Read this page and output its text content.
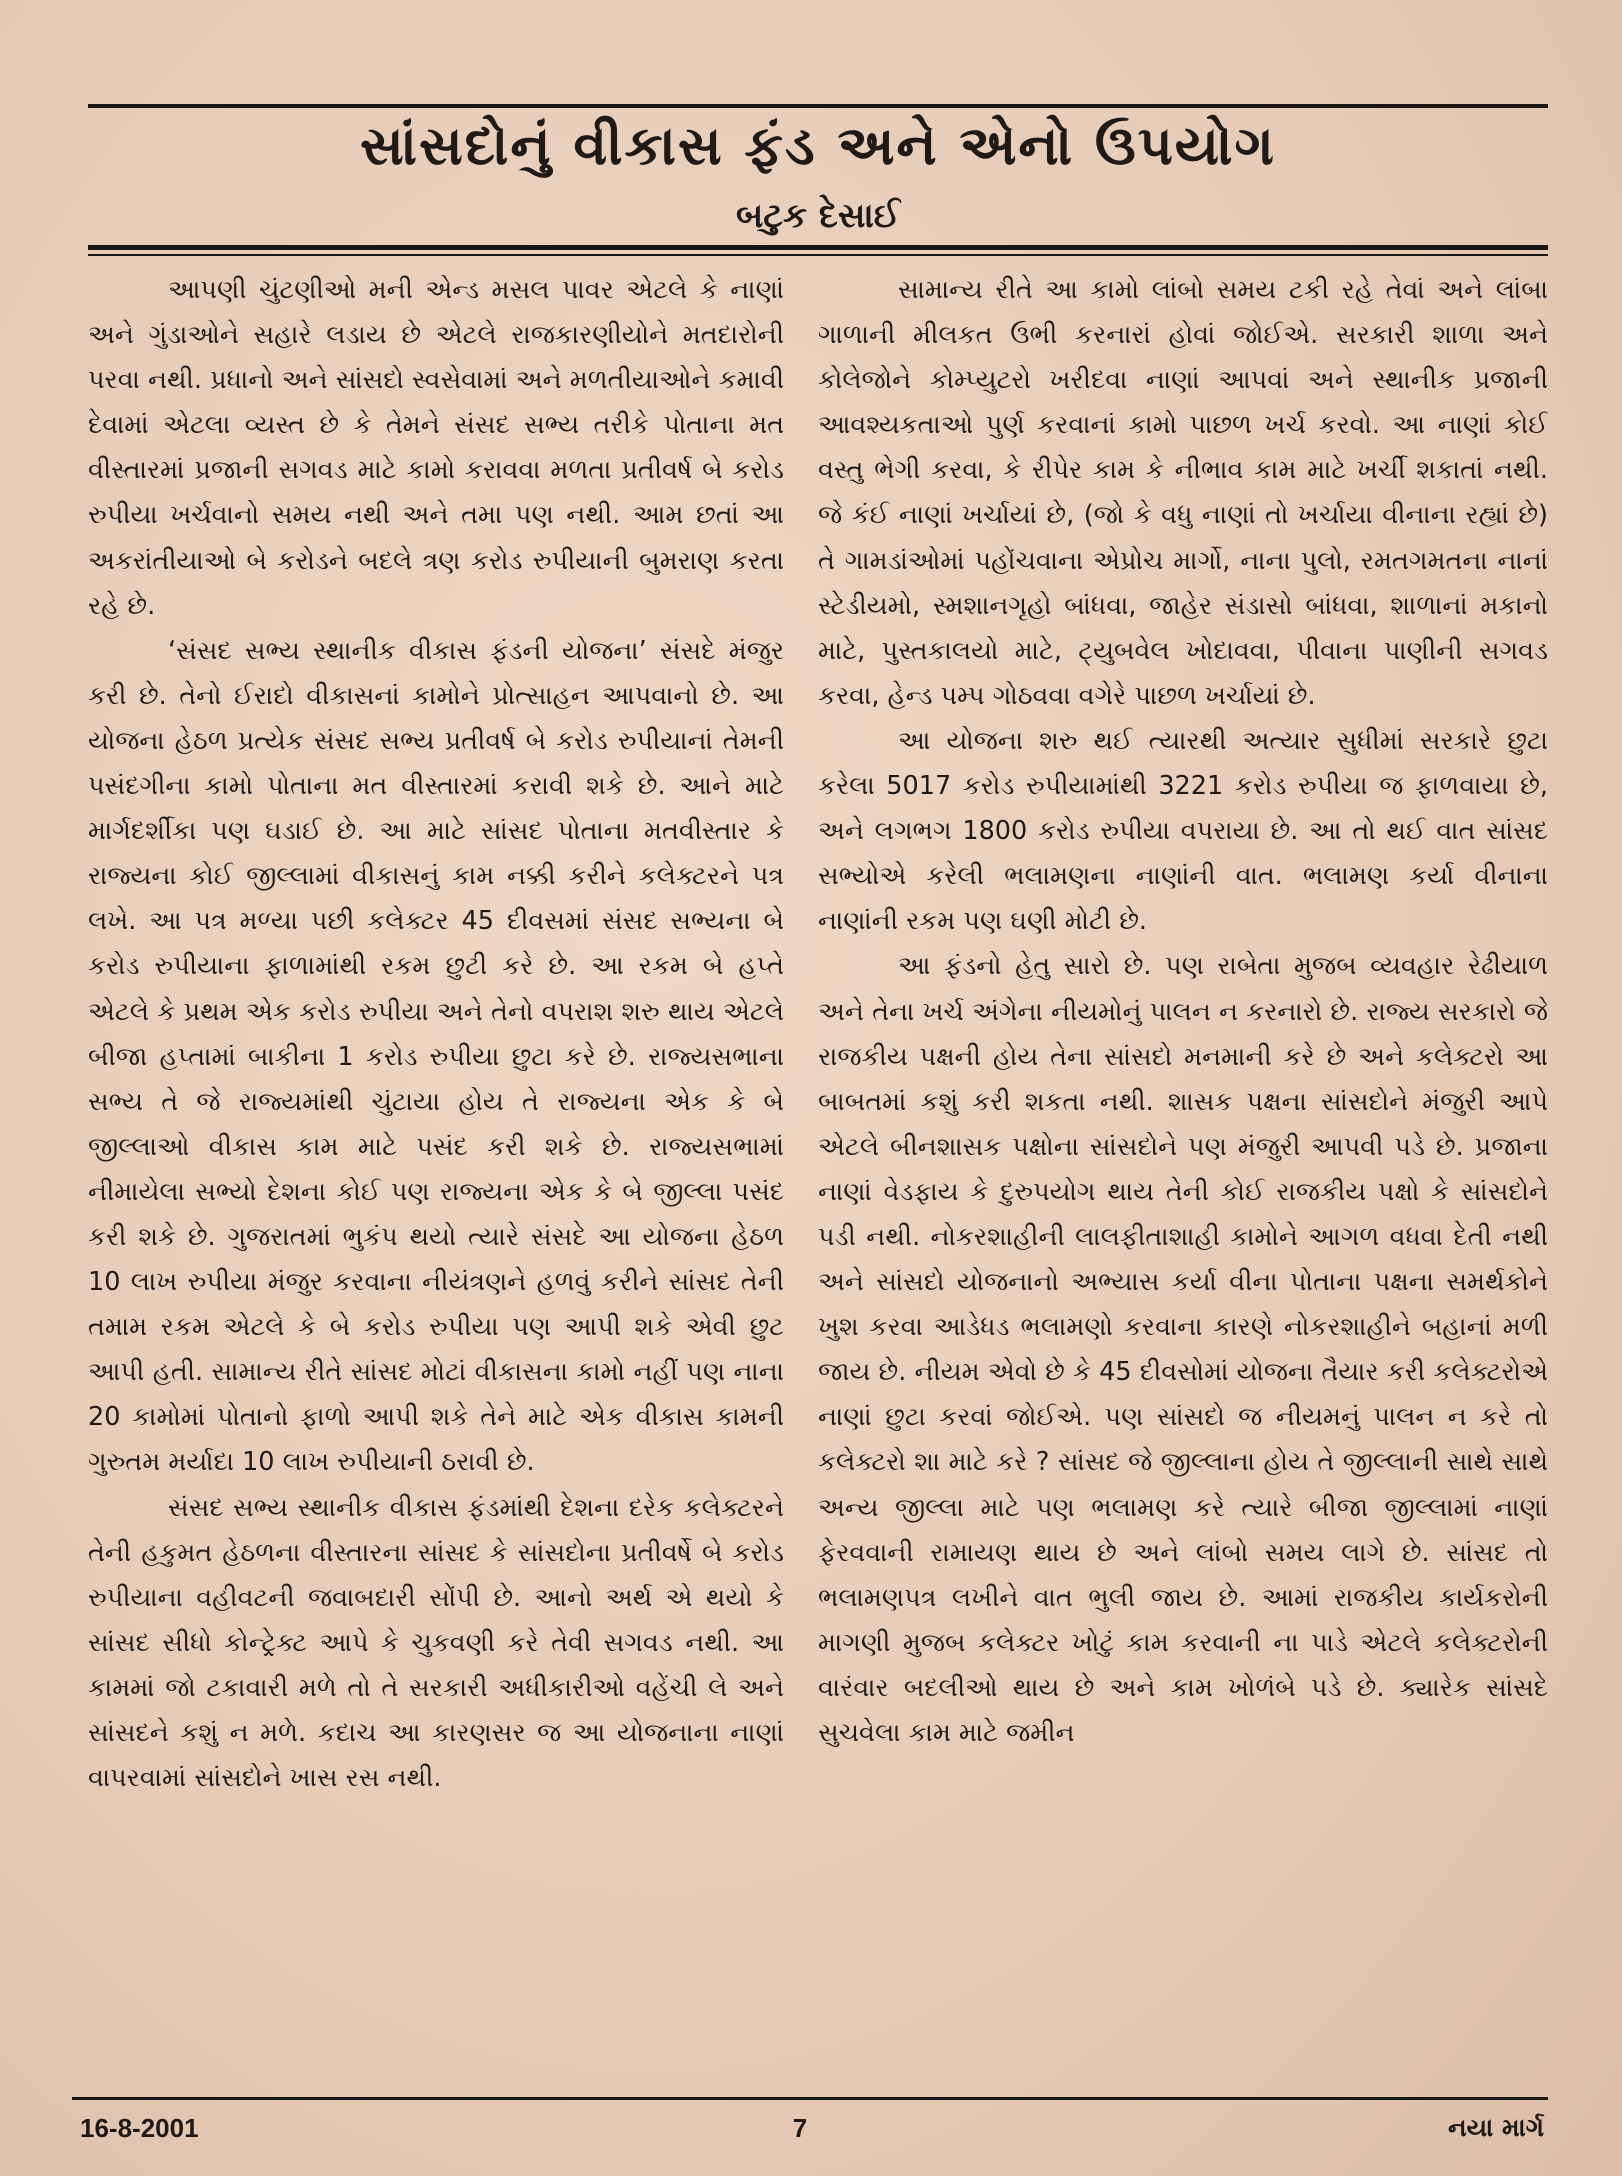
સાંસદોનું વીકાસ ફંડ અને એનો ઉપયોગ
બટુક દેસાઈ

આપણી ચુંટણીઓ મની એન્ડ મસલ પાવર એટલે કે નાણાં અને ગુંડાઓને સહારે લડાય છે એટલે રાજકારણીયોને મતદારોની પરવા નથી. પ્રધાનો અને સાંસદો સ્વસેવામાં અને મળતીયાઓને કમાવી દેવામાં એટલા વ્યસ્ત છે કે તેમને સંસદ સભ્ય તરીકે પોતાના મત વીસ્તારમાં પ્રજાની સગવડ માટે કામો કરાવવા મળતા પ્રતીવર્ષ બે કરોડ રુપીયા ખર્ચવાનો સમય નથી અને તમા પણ નથી. આમ છતાં આ અકરાંતીયાઓ બે કરોડને બદલે ત્રણ કરોડ રુપીયાની બુમરાણ કરતા રહે છે.

‘સંસદ સભ્ય સ્થાનીક વીકાસ ફંડની યોજના’ સંસદે મંજુર કરી છે. તેનો ઈરાદો વીકાસનાં કામોને પ્રોત્સાહન આપવાનો છે. આ યોજના હેઠળ પ્રત્યેક સંસદ સભ્ય પ્રતીવર્ષ બે કરોડ રુપીયાનાં તેમની પસંદગીના કામો પોતાના મત વીસ્તારમાં કરાવી શકે છે. આને માટે માર્ગદર્શીકા પણ ઘડાઈ છે. આ માટે સાંસદ પોતાના મતવીસ્તાર કે રાજ્યના કોઈ જીલ્લામાં વીકાસનું કામ નક્કી કરીને કલેક્ટરને પત્ર લખે. આ પત્ર મળ્યા પછી કલેક્ટર 45 દીવસમાં સંસદ સભ્યના બે કરોડ રુપીયાના ફાળામાંથી રકમ છુટી કરે છે. આ રકમ બે હપ્તે એટલે કે પ્રથમ એક કરોડ રુપીયા અને તેનો વપરાશ શરુ થાય એટલે બીજા હપ્તામાં બાકીના 1 કરોડ રુપીયા છુટા કરે છે. રાજ્યસભાના સભ્ય તે જે રાજ્યમાંથી ચુંટાયા હોય તે રાજ્યના એક કે બે જીલ્લાઓ વીકાસ કામ માટે પસંદ કરી શકે છે. રાજ્યસભામાં નીમાયેલા સભ્યો દેશના કોઈ પણ રાજ્યના એક કે બે જીલ્લા પસંદ કરી શકે છે. ગુજરાતમાં ભુકંપ થયો ત્યારે સંસદે આ યોજના હેઠળ 10 લાખ રુપીયા મંજુર કરવાના નીયંત્રણને હળવું કરીને સાંસદ તેની તમામ રકમ એટલે કે બે કરોડ રુપીયા પણ આપી શકે એવી છુટ આપી હતી. સામાન્ય રીતે સાંસદ મોટાં વીકાસના કામો નહીં પણ નાના 20 કામોમાં પોતાનો ફાળો આપી શકે તેને માટે એક વીકાસ કામની ગુરુતમ મર્યાદા 10 લાખ રુપીયાની ઠરાવી છે.

સંસદ સભ્ય સ્થાનીક વીકાસ ફંડમાંથી દેશના દરેક કલેક્ટરને તેની હકુમત હેઠળના વીસ્તારના સાંસદ કે સાંસદોના પ્રતીવર્ષે બે કરોડ રુપીયાના વહીવટની જવાબદારી સોંપી છે. આનો અર્થ એ થયો કે સાંસદ સીધો કોન્ટ્રેક્ટ આપે કે ચુકવણી કરે તેવી સગવડ નથી. આ કામમાં જો ટકાવારી મળે તો તે સરકારી અધીકારીઓ વહેંચી લે અને સાંસદને કશું ન મળે. કદાચ આ કારણસર જ આ યોજનાના નાણાં વાપરવામાં સાંસદોને ખાસ રસ નથી.

સામાન્ય રીતે આ કામો લાંબો સમય ટકી રહે તેવાં અને લાંબા ગાળાની મીલકત ઉભી કરનારાં હોવાં જોઈએ. સરકારી શાળા અને કોલેજોને કોમ્પ્યુટરો ખરીદવા નાણાં આપવાં અને સ્થાનીક પ્રજાની આવશ્યકતાઓ પુર્ણ કરવાનાં કામો પાછળ ખર્ચ કરવો. આ નાણાં કોઈ વસ્તુ ભેગી કરવા, કે રીપેર કામ કે નીભાવ કામ માટે ખર્ચી શકાતાં નથી. જે કંઈ નાણાં ખર્ચાયાં છે, (જો કે વધુ નાણાં તો ખર્ચાયા વીનાના રહ્યાં છે) તે ગામડાંઓમાં પહોંચવાના એપ્રોચ માર્ગો, નાના પુલો, રમતગમતના નાનાં સ્ટેડીયમો, સ્મશાનગૃહો બાંધવા, જાહેર સંડાસો બાંધવા, શાળાનાં મકાનો માટે, પુસ્તકાલયો માટે, ટ્યુબવેલ ખોદાવવા, પીવાના પાણીની સગવડ કરવા, હેન્ડ પમ્પ ગોઠવવા વગેરે પાછળ ખર્ચાયાં છે.

આ યોજના શરુ થઈ ત્યારથી અત્યાર સુધીમાં સરકારે છુટા કરેલા 5017 કરોડ રુપીયામાંથી 3221 કરોડ રુપીયા જ ફાળવાયા છે, અને લગભગ 1800 કરોડ રુપીયા વપરાયા છે. આ તો થઈ વાત સાંસદ સભ્યોએ કરેલી ભલામણના નાણાંની વાત. ભલામણ કર્યા વીનાના નાણાંની રકમ પણ ઘણી મોટી છે.

આ ફંડનો હેતુ સારો છે. પણ રાબેતા મુજબ વ્યવહાર રેઢીયાળ અને તેના ખર્ચ અંગેના નીયમોનું પાલન ન કરનારો છે. રાજ્ય સરકારો જે રાજકીય પક્ષની હોય તેના સાંસદો મનમાની કરે છે અને કલેક્ટરો આ બાબતમાં કશું કરી શકતા નથી. શાસક પક્ષના સાંસદોને મંજુરી આપે એટલે બીનશાસક પક્ષોના સાંસદોને પણ મંજુરી આપવી પડે છે. પ્રજાના નાણાં વેડફાય કે દુરુપયોગ થાય તેની કોઈ રાજકીય પક્ષો કે સાંસદોને પડી નથી. નોકરશાહીની લાલફીતાશાહી કામોને આગળ વધવા દેતી નથી અને સાંસદો યોજનાનો અભ્યાસ કર્યા વીના પોતાના પક્ષના સમર્થકોને ખુશ કરવા આડેધડ ભલામણો કરવાના કારણે નોકરશાહીને બહાનાં મળી જાય છે. નીયમ એવો છે કે 45 દીવસોમાં યોજના તૈયાર કરી કલેક્ટરોએ નાણાં છુટા કરવાં જોઈએ. પણ સાંસદો જ નીયમનું પાલન ન કરે તો કલેક્ટરો શા માટે કરે ? સાંસદ જે જીલ્લાના હોય તે જીલ્લાની સાથે સાથે અન્ય જીલ્લા માટે પણ ભલામણ કરે ત્યારે બીજા જીલ્લામાં નાણાં ફેરવવાની રામાયણ થાય છે અને લાંબો સમય લાગે છે. સાંસદ તો ભલામણપત્ર લખીને વાત ભુલી જાય છે. આમાં રાજકીય કાર્યકરોની માગણી મુજબ કલેક્ટર ખોટું કામ કરવાની ના પાડે એટલે કલેક્ટરોની વારંવાર બદલીઓ થાય છે અને કામ ખોળંબે પડે છે. ક્યારેક સાંસદે સુચવેલા કામ માટે જમીન

16-8-2001	7	નયા માર્ગ
